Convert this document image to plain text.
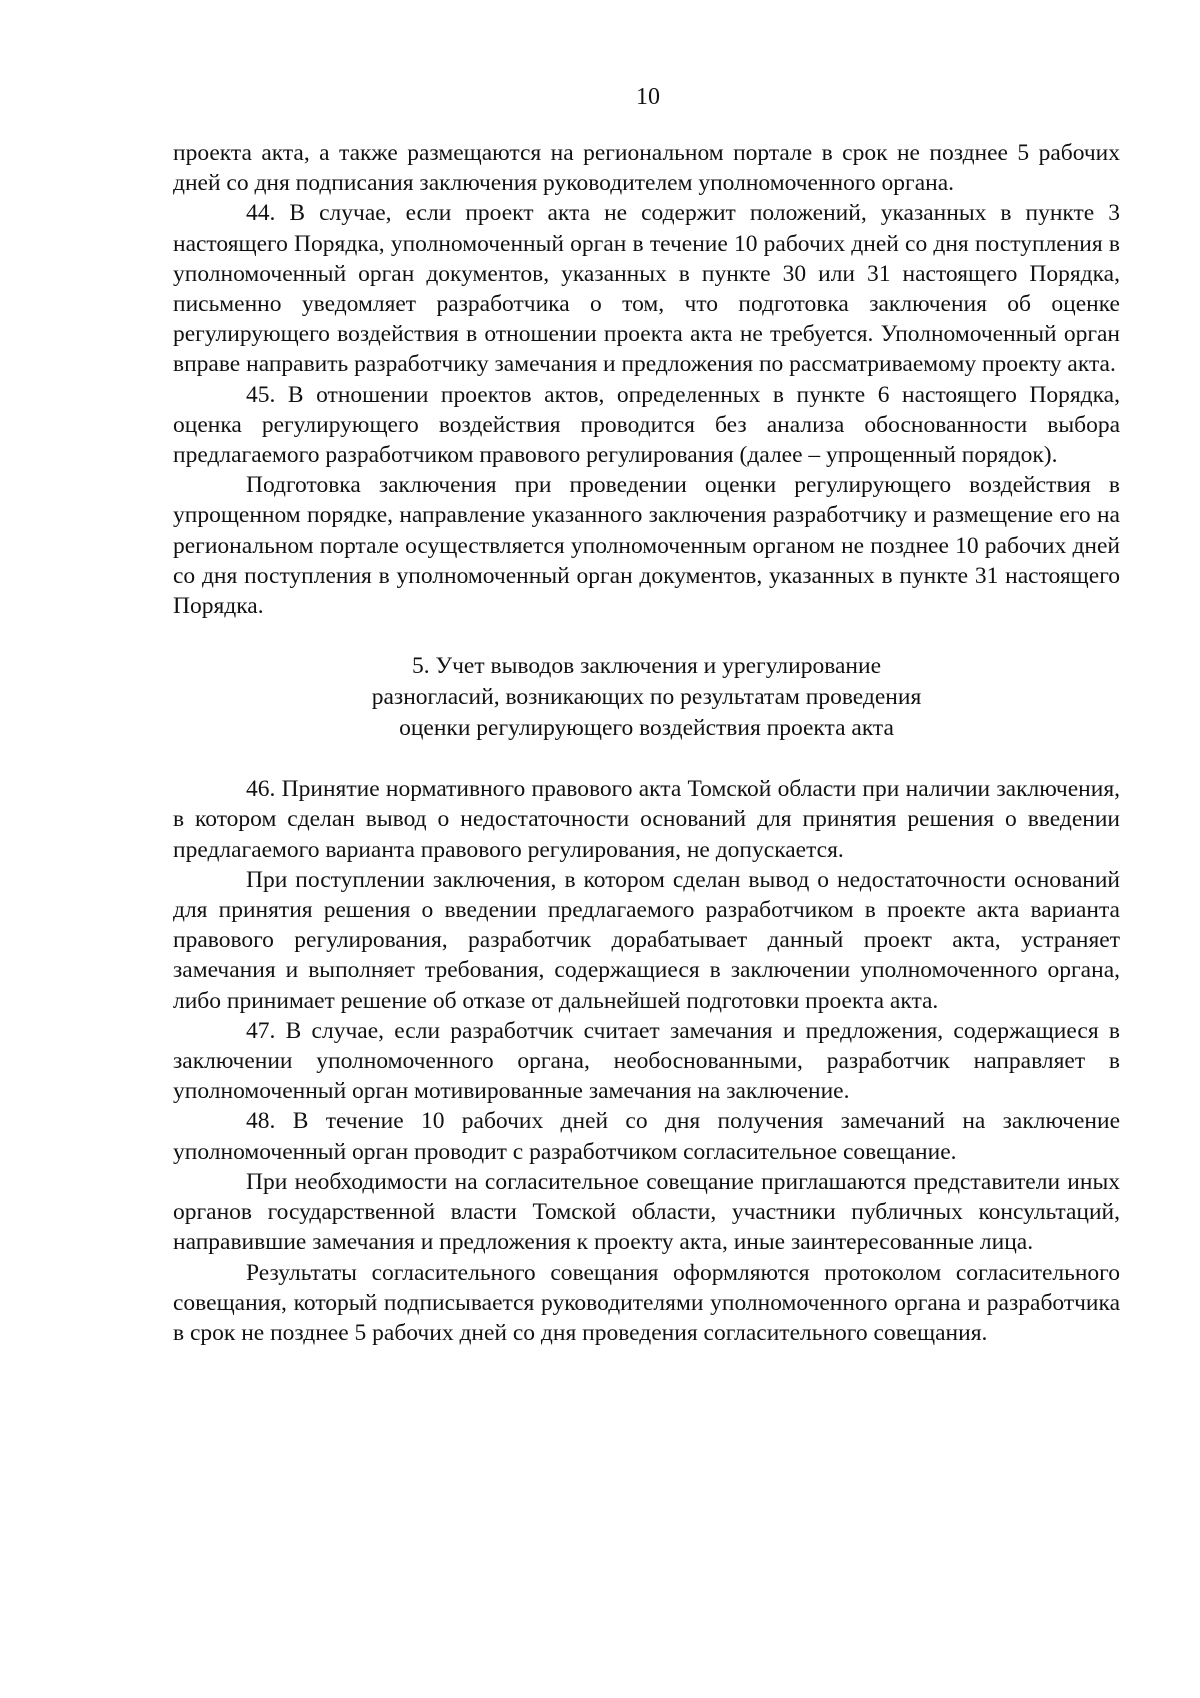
10

проекта акта, а также размещаются на региональном портале в срок не позднее 5 рабочих дней со дня подписания заключения руководителем уполномоченного органа.

44. В случае, если проект акта не содержит положений, указанных в пункте 3 настоящего Порядка, уполномоченный орган в течение 10 рабочих дней со дня поступления в уполномоченный орган документов, указанных в пункте 30 или 31 настоящего Порядка, письменно уведомляет разработчика о том, что подготовка заключения об оценке регулирующего воздействия в отношении проекта акта не требуется. Уполномоченный орган вправе направить разработчику замечания и предложения по рассматриваемому проекту акта.

45. В отношении проектов актов, определенных в пункте 6 настоящего Порядка, оценка регулирующего воздействия проводится без анализа обоснованности выбора предлагаемого разработчиком правового регулирования (далее – упрощенный порядок).

Подготовка заключения при проведении оценки регулирующего воздействия в упрощенном порядке, направление указанного заключения разработчику и размещение его на региональном портале осуществляется уполномоченным органом не позднее 10 рабочих дней со дня поступления в уполномоченный орган документов, указанных в пункте 31 настоящего Порядка.

5. Учет выводов заключения и урегулирование
разногласий, возникающих по результатам проведения
оценки регулирующего воздействия проекта акта

46. Принятие нормативного правового акта Томской области при наличии заключения, в котором сделан вывод о недостаточности оснований для принятия решения о введении предлагаемого варианта правового регулирования, не допускается.

При поступлении заключения, в котором сделан вывод о недостаточности оснований для принятия решения о введении предлагаемого разработчиком в проекте акта варианта правового регулирования, разработчик дорабатывает данный проект акта, устраняет замечания и выполняет требования, содержащиеся в заключении уполномоченного органа, либо принимает решение об отказе от дальнейшей подготовки проекта акта.

47. В случае, если разработчик считает замечания и предложения, содержащиеся в заключении уполномоченного органа, необоснованными, разработчик направляет в уполномоченный орган мотивированные замечания на заключение.

48. В течение 10 рабочих дней со дня получения замечаний на заключение уполномоченный орган проводит с разработчиком согласительное совещание.

При необходимости на согласительное совещание приглашаются представители иных органов государственной власти Томской области, участники публичных консультаций, направившие замечания и предложения к проекту акта, иные заинтересованные лица.

Результаты согласительного совещания оформляются протоколом согласительного совещания, который подписывается руководителями уполномоченного органа и разработчика в срок не позднее 5 рабочих дней со дня проведения согласительного совещания.
